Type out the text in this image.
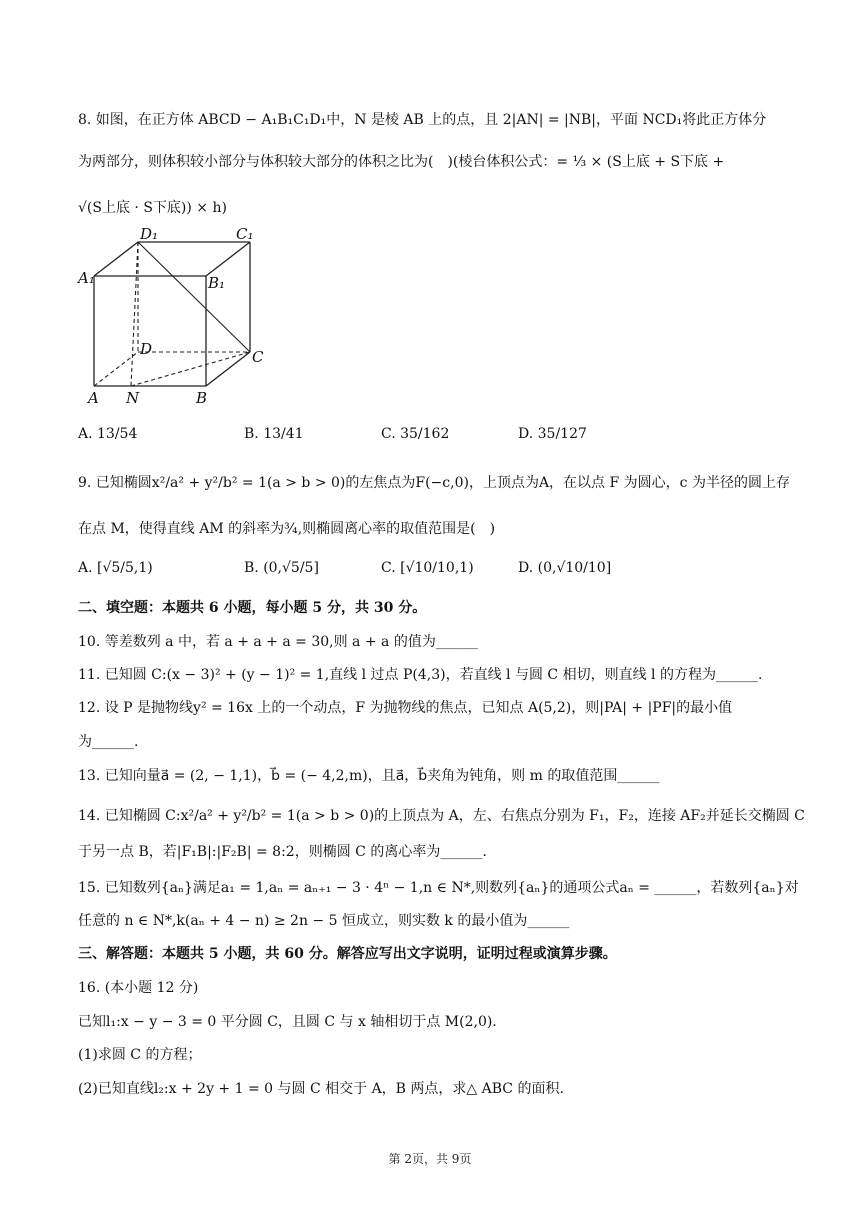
8. 如图，在正方体 ABCD − A₁B₁C₁D₁中，N 是棱 AB 上的点，且 2|AN| = |NB|，平面 NCD₁将此正方体分
为两部分，则体积较小部分与体积较大部分的体积之比为(　)(棱台体积公式：= ⅓ × (S上底 + S下底 +
√(S上底 · S下底)) × h)
D₁	C₁
A₁	B₁
D	C
A N	B
A. 13/54	B. 13/41	C. 35/162	D. 35/127
9. 已知椭圆x²/a² + y²/b² = 1(a > b > 0)的左焦点为F(−c,0)，上顶点为A，在以点 F 为圆心，c 为半径的圆上存
在点 M，使得直线 AM 的斜率为¾,则椭圆离心率的取值范围是(　)
A. [√5/5,1)	B. (0,√5/5]	C. [√10/10,1)	D. (0,√10/10]
二、填空题：本题共 6 小题，每小题 5 分，共 30 分。
10. 等差数列 a 中，若 a + a + a = 30,则 a + a 的值为______
11. 已知圆 C:(x − 3)² + (y − 1)² = 1,直线 l 过点 P(4,3)，若直线 l 与圆 C 相切，则直线 l 的方程为______.
12. 设 P 是抛物线y² = 16x 上的一个动点，F 为抛物线的焦点，已知点 A(5,2)，则|PA| + |PF|的最小值
为______.
13. 已知向量a⃗ = (2, − 1,1)，b⃗ = (− 4,2,m)，且a⃗，b⃗夹角为钝角，则 m 的取值范围______
14. 已知椭圆 C:x²/a² + y²/b² = 1(a > b > 0)的上顶点为 A，左、右焦点分别为 F₁，F₂，连接 AF₂并延长交椭圆 C
于另一点 B，若|F₁B|:|F₂B| = 8:2，则椭圆 C 的离心率为______.
15. 已知数列{aₙ}满足a₁ = 1,aₙ = aₙ₊₁ − 3 · 4ⁿ − 1,n ∈ N*,则数列{aₙ}的通项公式aₙ = ______，若数列{aₙ}对
任意的 n ∈ N*,k(aₙ + 4 − n) ≥ 2n − 5 恒成立，则实数 k 的最小值为______
三、解答题：本题共 5 小题，共 60 分。解答应写出文字说明，证明过程或演算步骤。
16. (本小题 12 分)
已知l₁:x − y − 3 = 0 平分圆 C，且圆 C 与 x 轴相切于点 M(2,0).
(1)求圆 C 的方程；
(2)已知直线l₂:x + 2y + 1 = 0 与圆 C 相交于 A，B 两点，求△ ABC 的面积.
第 2页，共 9页
